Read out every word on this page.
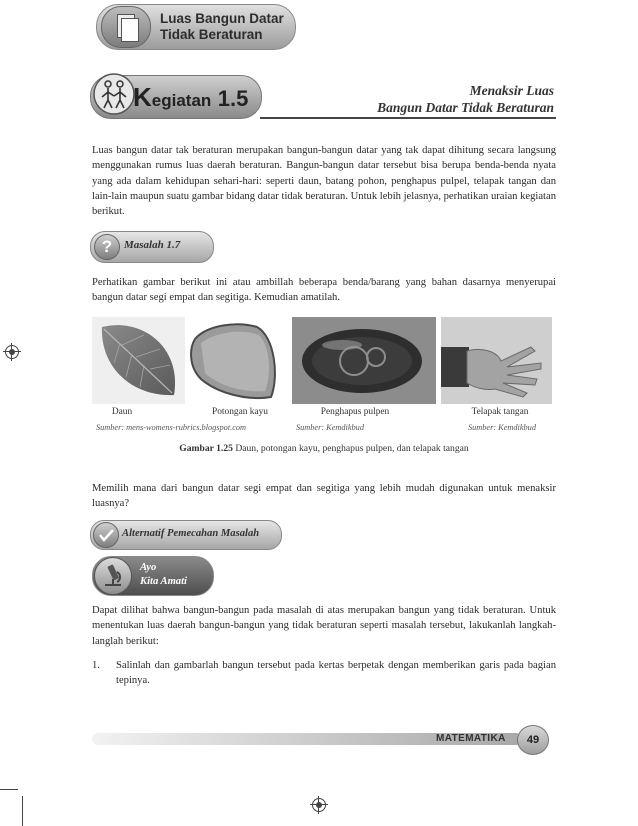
Luas Bangun Datar
Tidak Beraturan
Kegiatan 1.5	Menaksir Luas
Bangun Datar Tidak Beraturan
Luas bangun datar tak beraturan merupakan bangun-bangun datar yang tak dapat dihitung secara langsung menggunakan rumus luas daerah beraturan. Bangun-bangun datar tersebut bisa berupa benda-benda nyata yang ada dalam kehidupan sehari-hari: seperti daun, batang pohon, penghapus pulpel, telapak tangan dan lain-lain maupun suatu gambar bidang datar tidak beraturan. Untuk lebih jelasnya, perhatikan uraian kegiatan berikut.
?	Masalah 1.7
Perhatikan gambar berikut ini atau ambillah beberapa benda/barang yang bahan dasarnya menyerupai bangun datar segi empat dan segitiga. Kemudian amatilah.
Daun	Potongan kayu	Penghapus pulpen	Telapak tangan
Sumber: mens-womens-rubrics.blogspot.com	Sumber: Kemdikbud	Sumber: Kemdikbud
Gambar 1.25 Daun, potongan kayu, penghapus pulpen, dan telapak tangan
Memilih mana dari bangun datar segi empat dan segitiga yang lebih mudah digunakan untuk menaksir luasnya?
Alternatif Pemecahan Masalah
Ayo
Kita Amati
Dapat dilihat bahwa bangun-bangun pada masalah di atas merupakan bangun yang tidak beraturan. Untuk menentukan luas daerah bangun-bangun yang tidak beraturan seperti masalah tersebut, lakukanlah langkah-langlah berikut:
1. Salinlah dan gambarlah bangun tersebut pada kertas berpetak dengan memberikan garis pada bagian tepinya.
MATEMATIKA	49
